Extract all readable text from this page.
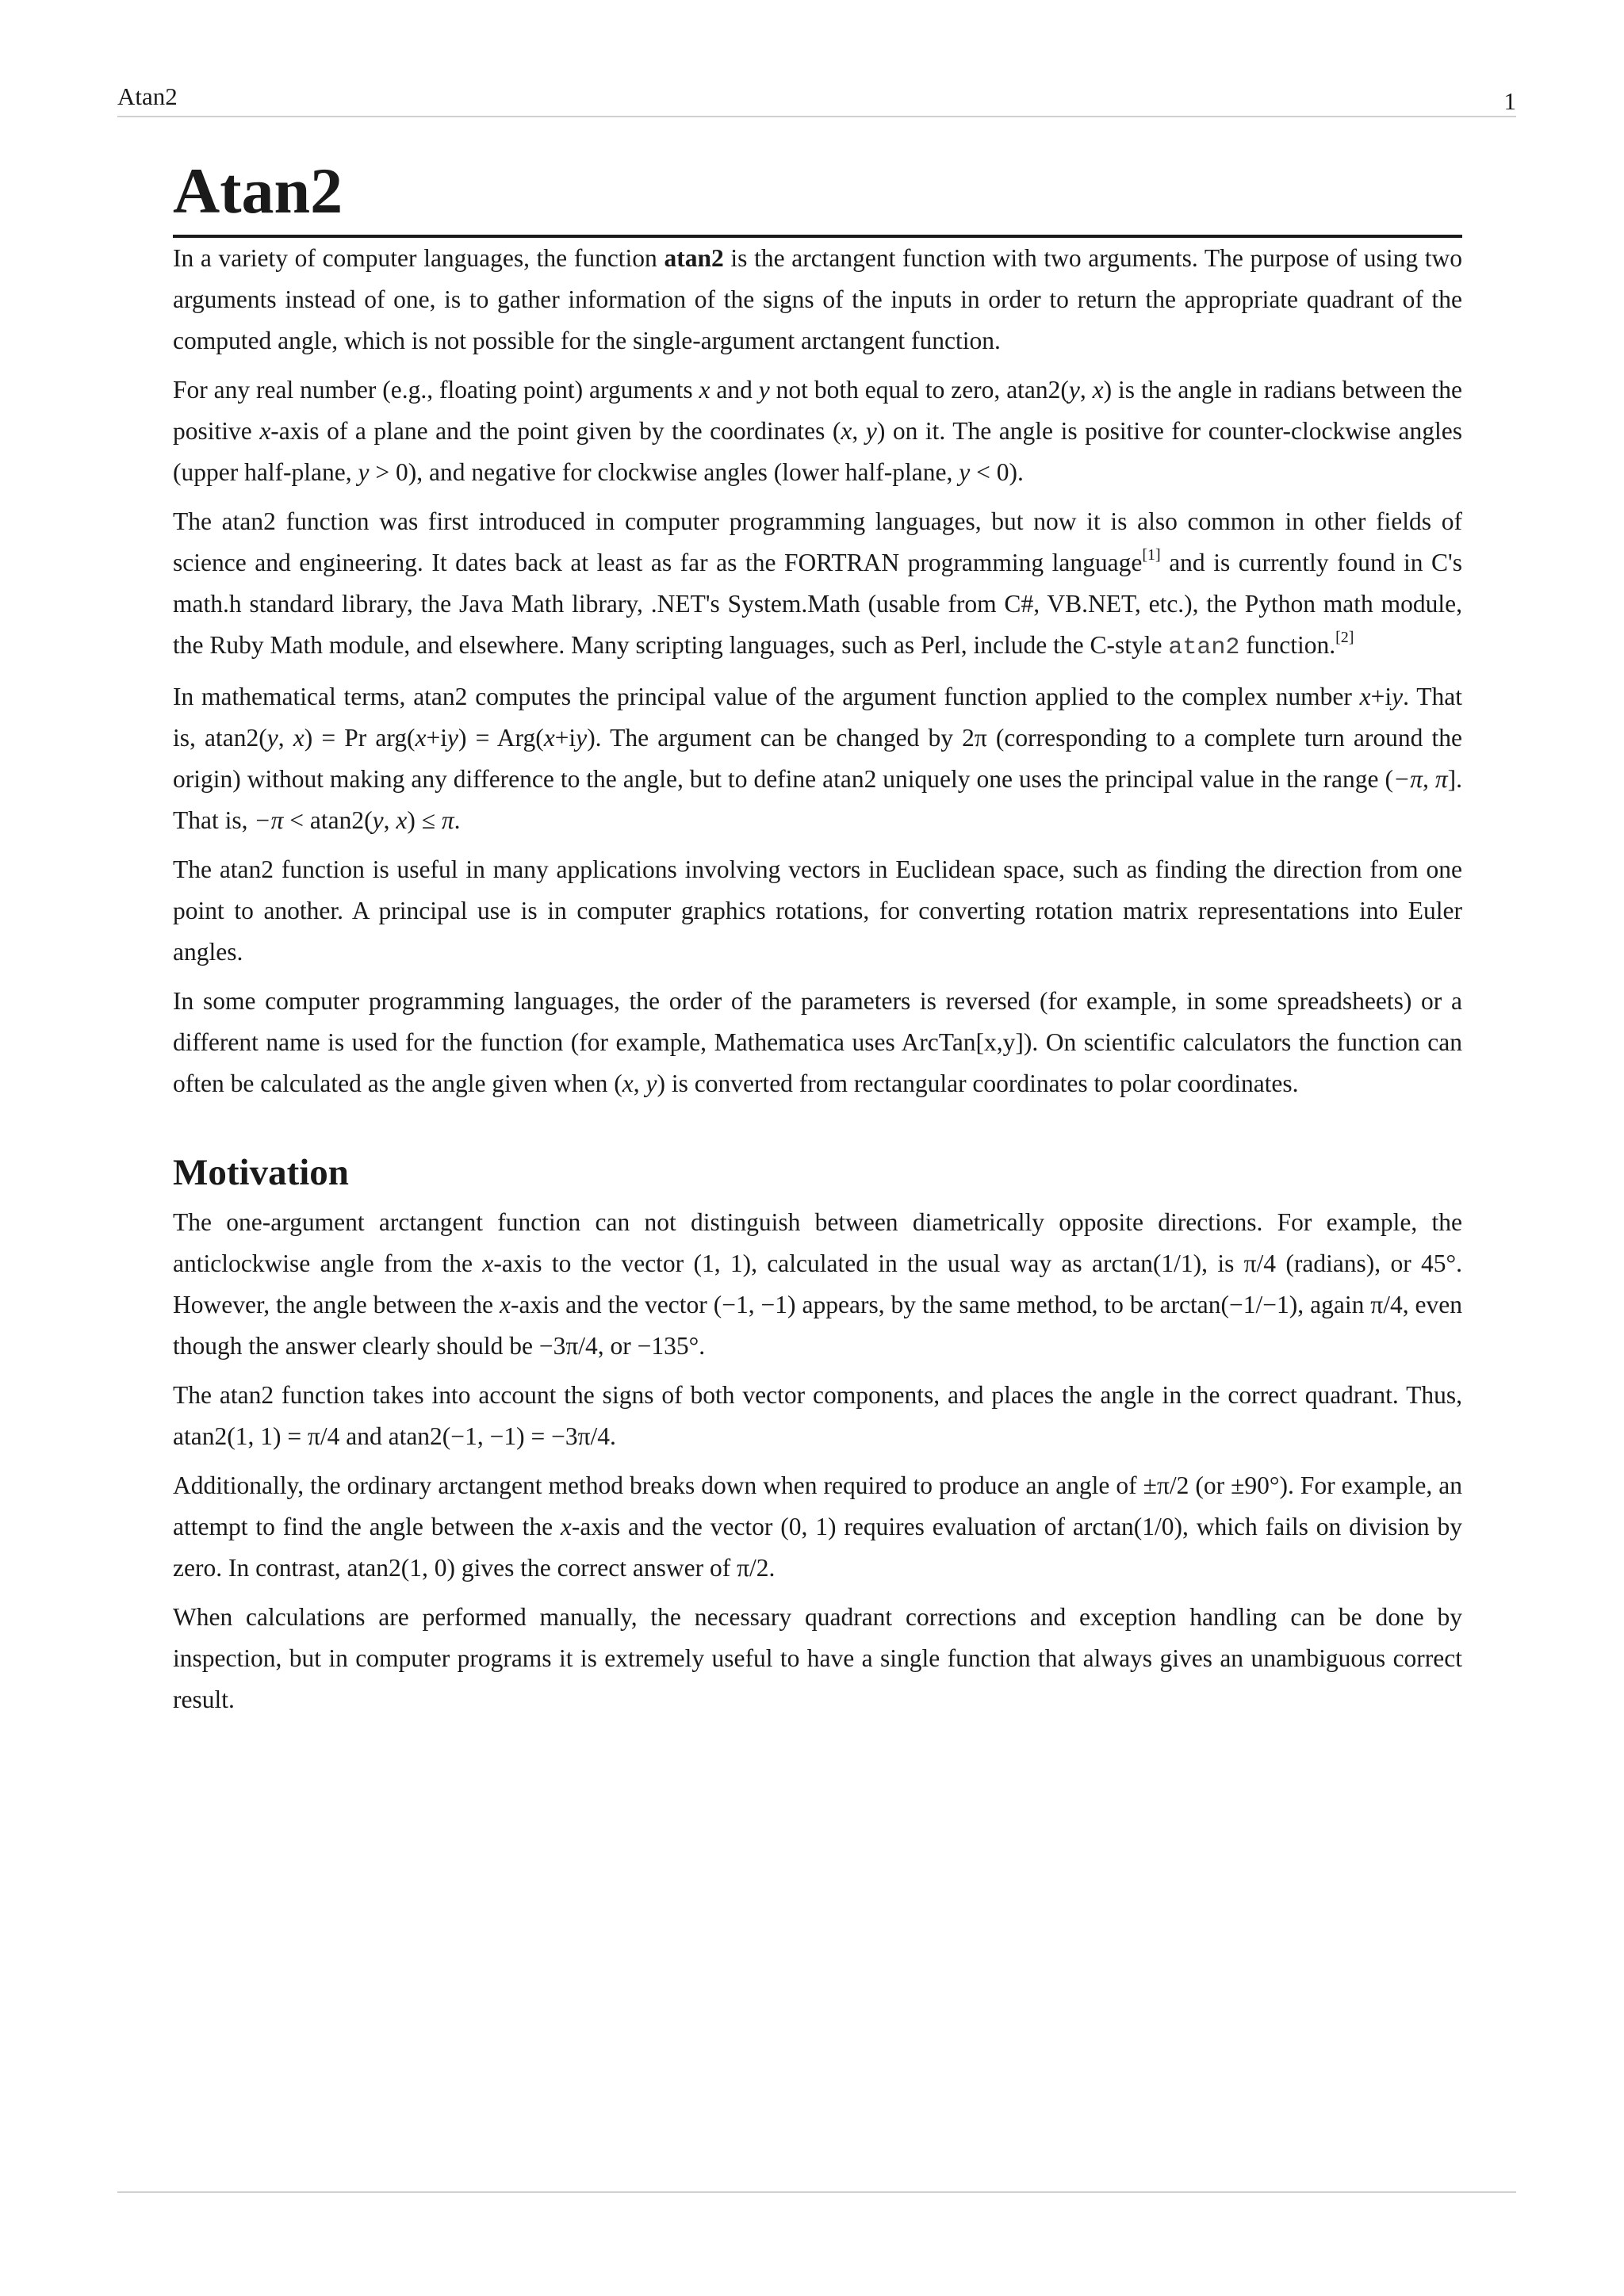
Atan2	1
Atan2

In a variety of computer languages, the function atan2 is the arctangent function with two arguments. The purpose of using two arguments instead of one, is to gather information of the signs of the inputs in order to return the appropriate quadrant of the computed angle, which is not possible for the single-argument arctangent function.

For any real number (e.g., floating point) arguments x and y not both equal to zero, atan2(y, x) is the angle in radians between the positive x-axis of a plane and the point given by the coordinates (x, y) on it. The angle is positive for counter-clockwise angles (upper half-plane, y > 0), and negative for clockwise angles (lower half-plane, y < 0).

The atan2 function was first introduced in computer programming languages, but now it is also common in other fields of science and engineering. It dates back at least as far as the FORTRAN programming language[1] and is currently found in C's math.h standard library, the Java Math library, .NET's System.Math (usable from C#, VB.NET, etc.), the Python math module, the Ruby Math module, and elsewhere. Many scripting languages, such as Perl, include the C-style atan2 function.[2]

In mathematical terms, atan2 computes the principal value of the argument function applied to the complex number x+iy. That is, atan2(y, x) = Pr arg(x+iy) = Arg(x+iy). The argument can be changed by 2π (corresponding to a complete turn around the origin) without making any difference to the angle, but to define atan2 uniquely one uses the principal value in the range (−π, π]. That is, −π < atan2(y, x) ≤ π.

The atan2 function is useful in many applications involving vectors in Euclidean space, such as finding the direction from one point to another. A principal use is in computer graphics rotations, for converting rotation matrix representations into Euler angles.

In some computer programming languages, the order of the parameters is reversed (for example, in some spreadsheets) or a different name is used for the function (for example, Mathematica uses ArcTan[x,y]). On scientific calculators the function can often be calculated as the angle given when (x, y) is converted from rectangular coordinates to polar coordinates.

Motivation

The one-argument arctangent function can not distinguish between diametrically opposite directions. For example, the anticlockwise angle from the x-axis to the vector (1, 1), calculated in the usual way as arctan(1/1), is π/4 (radians), or 45°. However, the angle between the x-axis and the vector (−1, −1) appears, by the same method, to be arctan(−1/−1), again π/4, even though the answer clearly should be −3π/4, or −135°.

The atan2 function takes into account the signs of both vector components, and places the angle in the correct quadrant. Thus, atan2(1, 1) = π/4 and atan2(−1, −1) = −3π/4.

Additionally, the ordinary arctangent method breaks down when required to produce an angle of ±π/2 (or ±90°). For example, an attempt to find the angle between the x-axis and the vector (0, 1) requires evaluation of arctan(1/0), which fails on division by zero. In contrast, atan2(1, 0) gives the correct answer of π/2.

When calculations are performed manually, the necessary quadrant corrections and exception handling can be done by inspection, but in computer programs it is extremely useful to have a single function that always gives an unambiguous correct result.
